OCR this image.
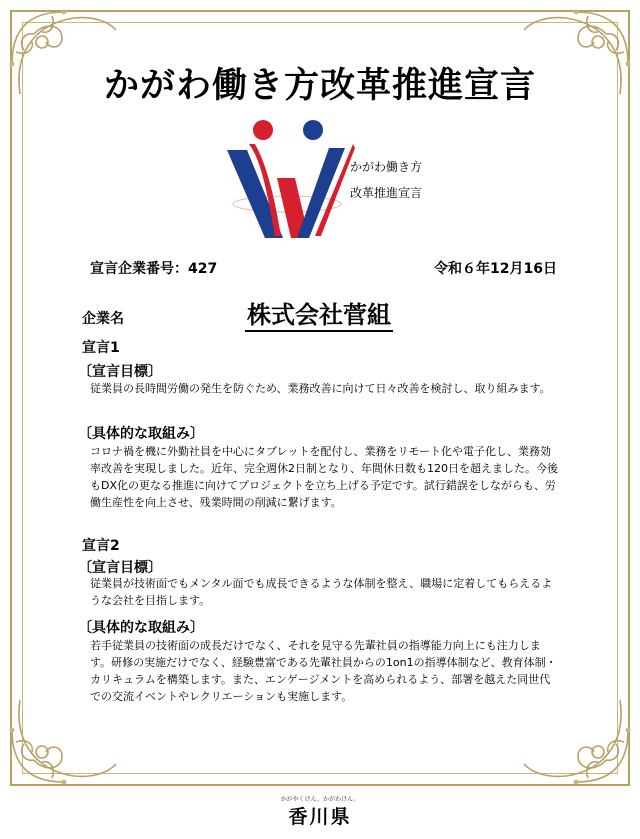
かがわ働き方改革推進宣言
かがわ働き方
改革推進宣言
宣言企業番号：427	令和６年12月16日
企業名	株式会社菅組
宣言1
〔宣言目標〕
従業員の長時間労働の発生を防ぐため、業務改善に向けて日々改善を検討し、取り組みます。
〔具体的な取組み〕
コロナ禍を機に外勤社員を中心にタブレットを配付し、業務をリモート化や電子化し、業務効率改善を実現しました。近年、完全週休2日制となり、年間休日数も120日を超えました。今後もDX化の更なる推進に向けてプロジェクトを立ち上げる予定です。試行錯誤をしながらも、労働生産性を向上させ、残業時間の削減に繋げます。
宣言2
〔宣言目標〕
従業員が技術面でもメンタル面でも成長できるような体制を整え、職場に定着してもらえるような会社を目指します。
〔具体的な取組み〕
若手従業員の技術面の成長だけでなく、それを見守る先輩社員の指導能力向上にも注力します。研修の実施だけでなく、経験豊富である先輩社員からの1on1の指導体制など、教育体制・カリキュラムを構築します。また、エンゲージメントを高められるよう、部署を越えた同世代での交流イベントやレクリエーションも実施します。
かがやくけん、かがわけん。
香川県
